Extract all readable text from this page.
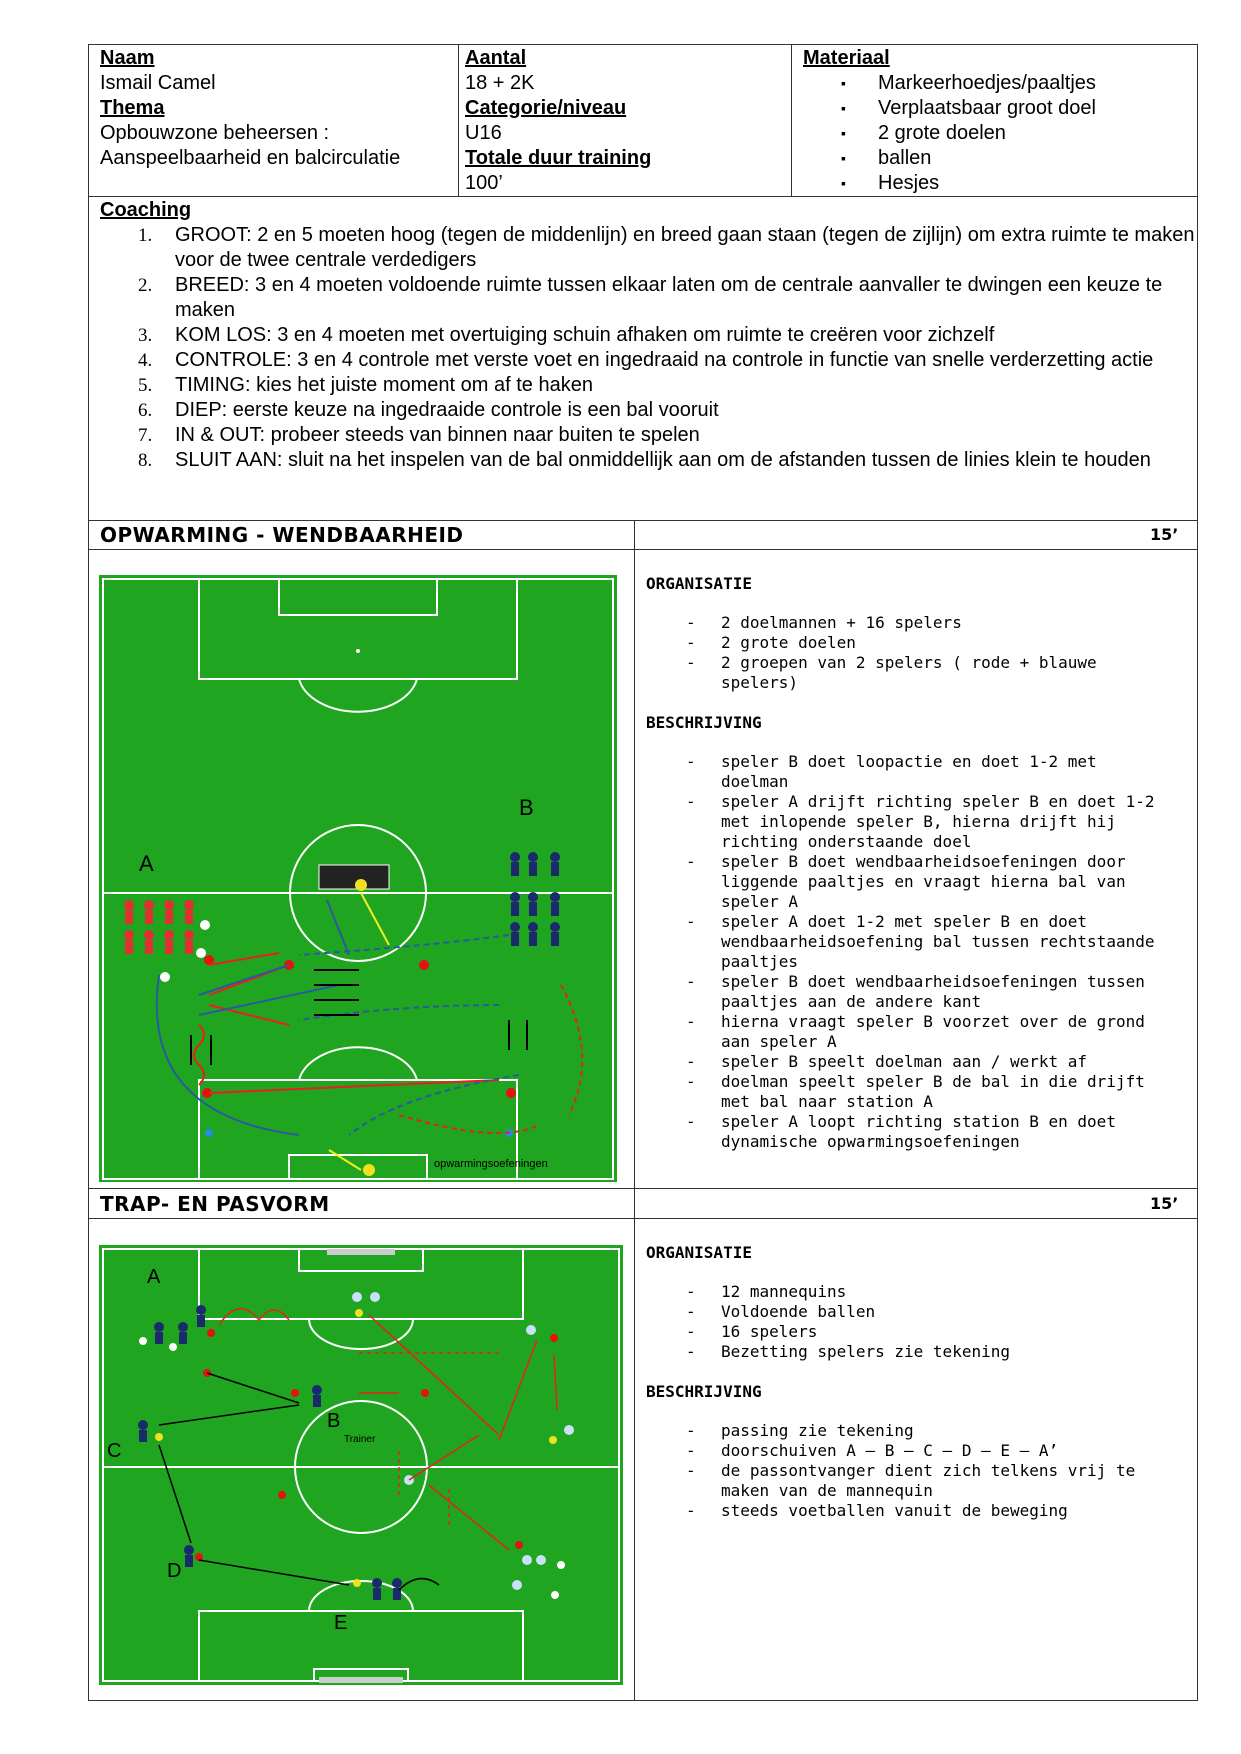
Naam
Ismail Camel
Thema
Opbouwzone beheersen :
Aanspeelbaarheid en balcirculatie
Aantal
18 + 2K
Categorie/niveau
U16
Totale duur training
100’
Materiaal
▪ Markeerhoedjes/paaltjes
▪ Verplaatsbaar groot doel
▪ 2 grote doelen
▪ ballen
▪ Hesjes
Coaching
1. GROOT: 2 en 5 moeten hoog (tegen de middenlijn) en breed gaan staan (tegen de zijlijn) om extra ruimte te maken voor de twee centrale verdedigers
2. BREED: 3 en 4 moeten voldoende ruimte tussen elkaar laten om de centrale aanvaller te dwingen een keuze te maken
3. KOM LOS: 3 en 4 moeten met overtuiging schuin afhaken om ruimte te creëren voor zichzelf
4. CONTROLE: 3 en 4 controle met verste voet en ingedraaid na controle in functie van snelle verderzetting actie
5. TIMING: kies het juiste moment om af te haken
6. DIEP: eerste keuze na ingedraaide controle is een bal vooruit
7. IN & OUT: probeer steeds van binnen naar buiten te spelen
8. SLUIT AAN: sluit na het inspelen van de bal onmiddellijk aan om de afstanden tussen de linies klein te houden
OPWARMING - WENDBAARHEID	15’
A
B
opwarmingsoefeningen
ORGANISATIE
- 2 doelmannen + 16 spelers
- 2 grote doelen
- 2 groepen van 2 spelers ( rode + blauwe spelers)
BESCHRIJVING
- speler B doet loopactie en doet 1-2 met doelman
- speler A drijft richting speler B en doet 1-2 met inlopende speler B, hierna drijft hij richting onderstaande doel
- speler B doet wendbaarheidsoefeningen door liggende paaltjes en vraagt hierna bal van speler A
- speler A doet 1-2 met speler B en doet wendbaarheidsoefening bal tussen rechtstaande paaltjes
- speler B doet wendbaarheidsoefeningen tussen paaltjes aan de andere kant
- hierna vraagt speler B voorzet over de grond aan speler A
- speler B speelt doelman aan / werkt af
- doelman speelt speler B de bal in die drijft met bal naar station A
- speler A loopt richting station B en doet dynamische opwarmingsoefeningen
TRAP- EN PASVORM	15’
A
B
Trainer
C
D
E
ORGANISATIE
- 12 mannequins
- Voldoende ballen
- 16 spelers
- Bezetting spelers zie tekening
BESCHRIJVING
- passing zie tekening
- doorschuiven A – B – C – D – E – A’
- de passontvanger dient zich telkens vrij te maken van de mannequin
- steeds voetballen vanuit de beweging
